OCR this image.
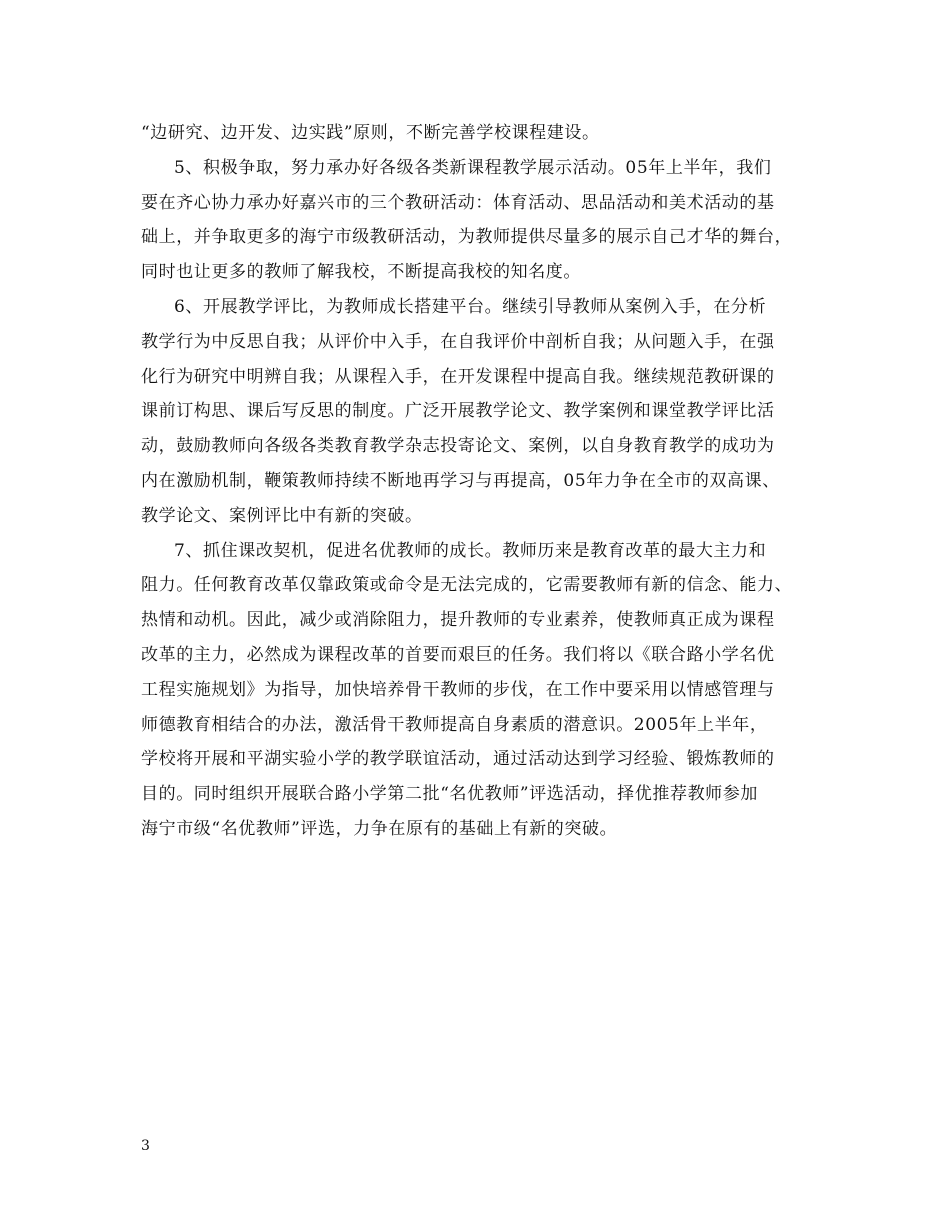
“边研究、边开发、边实践”原则，不断完善学校课程建设。
5、积极争取，努力承办好各级各类新课程教学展示活动。05年上半年，我们
要在齐心协力承办好嘉兴市的三个教研活动：体育活动、思品活动和美术活动的基
础上，并争取更多的海宁市级教研活动，为教师提供尽量多的展示自己才华的舞台，
同时也让更多的教师了解我校，不断提高我校的知名度。
6、开展教学评比，为教师成长搭建平台。继续引导教师从案例入手，在分析
教学行为中反思自我；从评价中入手，在自我评价中剖析自我；从问题入手，在强
化行为研究中明辨自我；从课程入手，在开发课程中提高自我。继续规范教研课的
课前订构思、课后写反思的制度。广泛开展教学论文、教学案例和课堂教学评比活
动，鼓励教师向各级各类教育教学杂志投寄论文、案例，以自身教育教学的成功为
内在激励机制，鞭策教师持续不断地再学习与再提高，05年力争在全市的双高课、
教学论文、案例评比中有新的突破。
7、抓住课改契机，促进名优教师的成长。教师历来是教育改革的最大主力和
阻力。任何教育改革仅靠政策或命令是无法完成的，它需要教师有新的信念、能力、
热情和动机。因此，减少或消除阻力，提升教师的专业素养，使教师真正成为课程
改革的主力，必然成为课程改革的首要而艰巨的任务。我们将以《联合路小学名优
工程实施规划》为指导，加快培养骨干教师的步伐，在工作中要采用以情感管理与
师德教育相结合的办法，激活骨干教师提高自身素质的潜意识。2005年上半年，
学校将开展和平湖实验小学的教学联谊活动，通过活动达到学习经验、锻炼教师的
目的。同时组织开展联合路小学第二批“名优教师”评选活动，择优推荐教师参加
海宁市级“名优教师”评选，力争在原有的基础上有新的突破。
3
